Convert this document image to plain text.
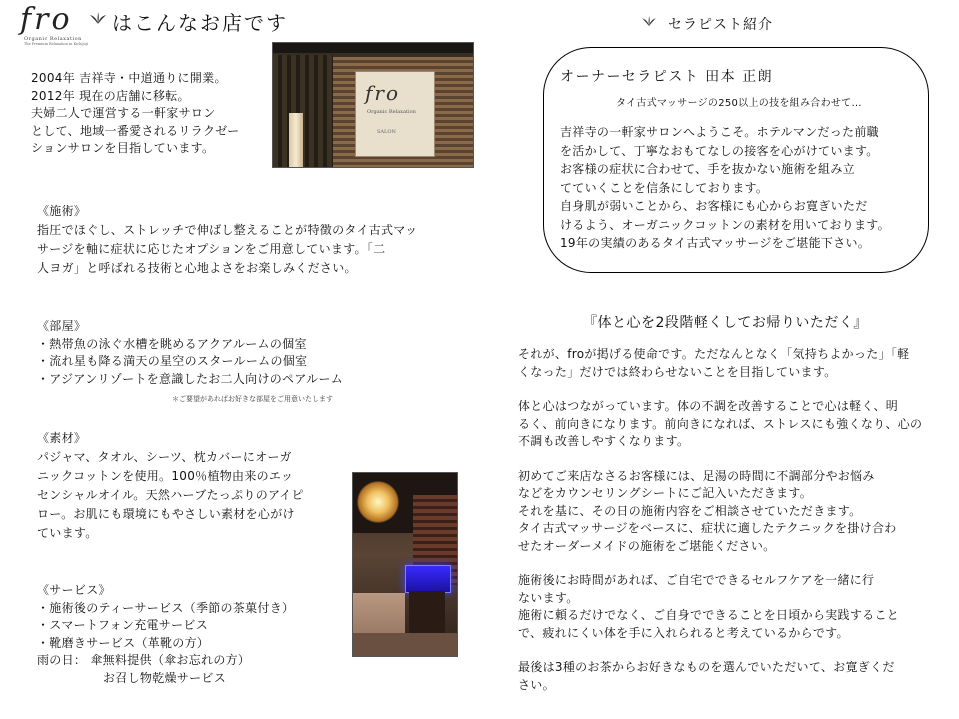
fro
Organic Relaxation
The Premium Relaxation in Kichijoji
はこんなお店です	セラピスト紹介
2004年 吉祥寺・中道通りに開業。
2012年 現在の店舗に移転。
夫婦二人で運営する一軒家サロン
として、地域一番愛されるリラクゼー
ションサロンを目指しています。
fro
Organic Relaxation
SALON
《施術》
指圧でほぐし、ストレッチで伸ばし整えることが特徴のタイ古式マッ
サージを軸に症状に応じたオプションをご用意しています。「二
人ヨガ」と呼ばれる技術と心地よさをお楽しみください。
《部屋》
・熱帯魚の泳ぐ水槽を眺めるアクアルームの個室
・流れ星も降る満天の星空のスタールームの個室
・アジアンリゾートを意識したお二人向けのペアルーム
＊ご要望があればお好きな部屋をご用意いたします
《素材》
パジャマ、タオル、シーツ、枕カバーにオーガ
ニックコットンを使用。100％植物由来のエッ
センシャルオイル。天然ハーブたっぷりのアイピ
ロー。お肌にも環境にもやさしい素材を心がけ
ています。
《サービス》
・施術後のティーサービス（季節の茶菓付き）
・スマートフォン充電サービス
・靴磨きサービス（革靴の方）
雨の日： 傘無料提供（傘お忘れの方）
お召し物乾燥サービス
オーナーセラピスト 田本 正朗
タイ古式マッサージの250以上の技を組み合わせて…
吉祥寺の一軒家サロンへようこそ。ホテルマンだった前職
を活かして、丁寧なおもてなしの接客を心がけています。
お客様の症状に合わせて、手を抜かない施術を組み立
てていくことを信条にしております。
自身肌が弱いことから、お客様にも心からお寛ぎいただ
けるよう、オーガニックコットンの素材を用いております。
19年の実績のあるタイ古式マッサージをご堪能下さい。
『体と心を2段階軽くしてお帰りいただく』
それが、froが掲げる使命です。ただなんとなく「気持ちよかった」「軽
くなった」だけでは終わらせないことを目指しています。
体と心はつながっています。体の不調を改善することで心は軽く、明
るく、前向きになります。前向きになれば、ストレスにも強くなり、心の
不調も改善しやすくなります。
初めてご来店なさるお客様には、足湯の時間に不調部分やお悩み
などをカウンセリングシートにご記入いただきます。
それを基に、その日の施術内容をご相談させていただきます。
タイ古式マッサージをベースに、症状に適したテクニックを掛け合わ
せたオーダーメイドの施術をご堪能ください。
施術後にお時間があれば、ご自宅でできるセルフケアを一緒に行
ないます。
施術に頼るだけでなく、ご自身でできることを日頃から実践すること
で、疲れにくい体を手に入れられると考えているからです。
最後は3種のお茶からお好きなものを選んでいただいて、お寛ぎくだ
さい。
